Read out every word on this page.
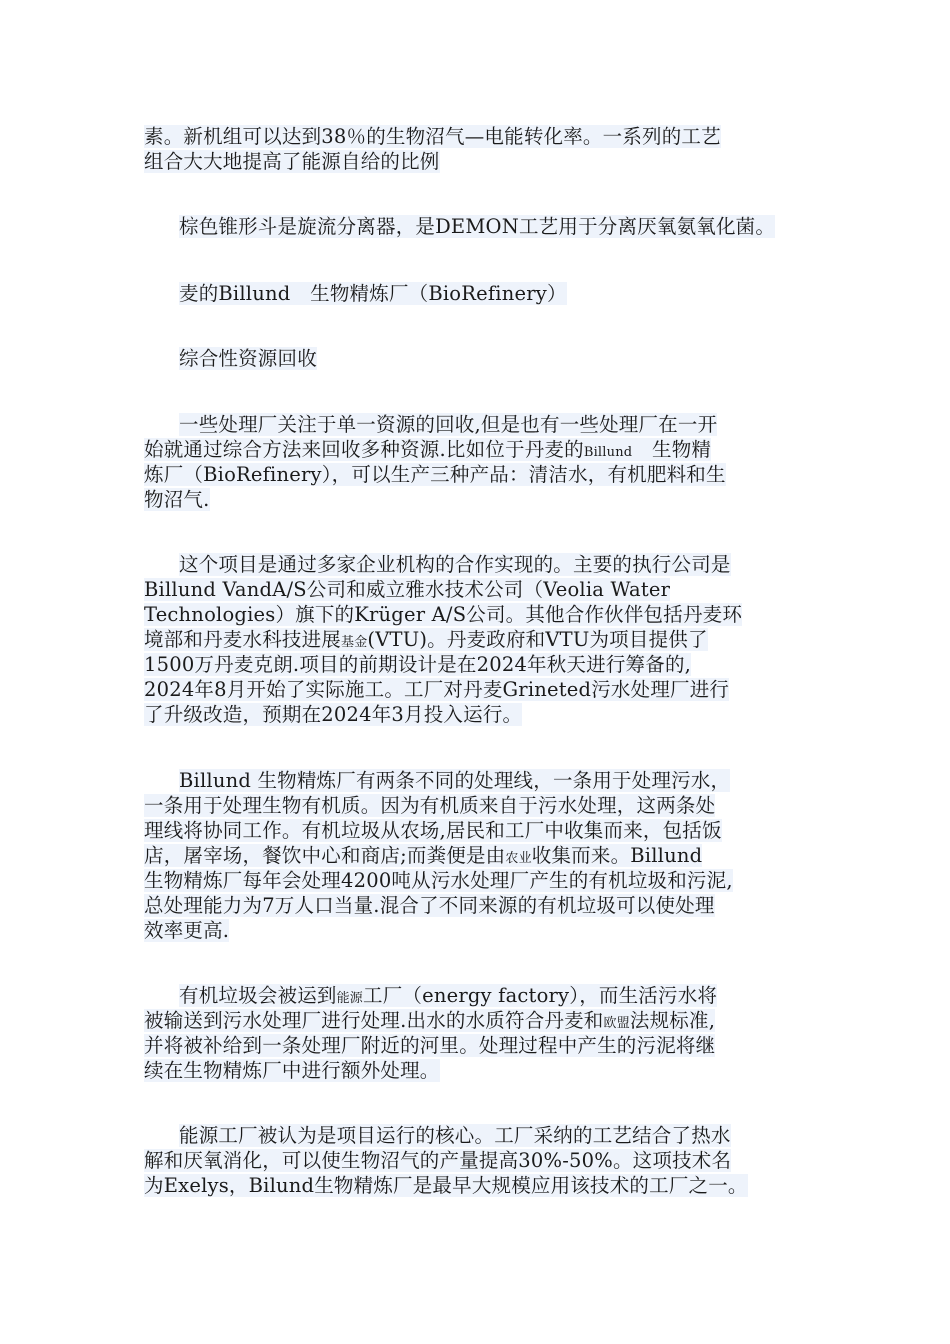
素。新机组可以达到38％的生物沼气—电能转化率。一系列的工艺
组合大大地提高了能源自给的比例
棕色锥形斗是旋流分离器，是DEMON工艺用于分离厌氧氨氧化菌。
麦的Billund　生物精炼厂（BioRefinery）
综合性资源回收
一些处理厂关注于单一资源的回收,但是也有一些处理厂在一开
始就通过综合方法来回收多种资源.比如位于丹麦的Billund　生物精
炼厂（BioRefinery），可以生产三种产品：清洁水，有机肥料和生
物沼气.
这个项目是通过多家企业机构的合作实现的。主要的执行公司是
Billund VandA/S公司和威立雅水技术公司（Veolia Water
Technologies）旗下的Krüger A/S公司。其他合作伙伴包括丹麦环
境部和丹麦水科技进展基金(VTU)。丹麦政府和VTU为项目提供了
1500万丹麦克朗.项目的前期设计是在2024年秋天进行筹备的,
2024年8月开始了实际施工。工厂对丹麦Grineted污水处理厂进行
了升级改造，预期在2024年3月投入运行。
Billund 生物精炼厂有两条不同的处理线，一条用于处理污水，
一条用于处理生物有机质。因为有机质来自于污水处理，这两条处
理线将协同工作。有机垃圾从农场,居民和工厂中收集而来，包括饭
店，屠宰场，餐饮中心和商店;而粪便是由农业收集而来。Billund
生物精炼厂每年会处理4200吨从污水处理厂产生的有机垃圾和污泥,
总处理能力为7万人口当量.混合了不同来源的有机垃圾可以使处理
效率更高.
有机垃圾会被运到能源工厂（energy factory），而生活污水将
被输送到污水处理厂进行处理.出水的水质符合丹麦和欧盟法规标准,
并将被补给到一条处理厂附近的河里。处理过程中产生的污泥将继
续在生物精炼厂中进行额外处理。
能源工厂被认为是项目运行的核心。工厂采纳的工艺结合了热水
解和厌氧消化，可以使生物沼气的产量提高30%-50%。这项技术名
为Exelys，Bilund生物精炼厂是最早大规模应用该技术的工厂之一。
